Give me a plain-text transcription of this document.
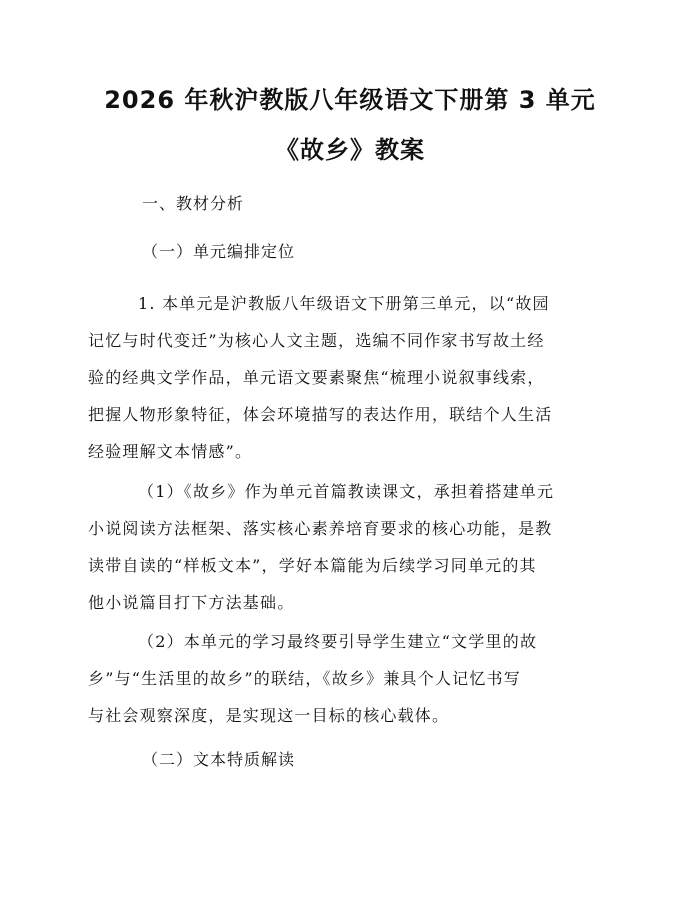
2026 年秋沪教版八年级语文下册第 3 单元
《故乡》教案
一、教材分析
（一）单元编排定位
1. 本单元是沪教版八年级语文下册第三单元，以“故园
记忆与时代变迁”为核心人文主题，选编不同作家书写故土经
验的经典文学作品，单元语文要素聚焦“梳理小说叙事线索，
把握人物形象特征，体会环境描写的表达作用，联结个人生活
经验理解文本情感”。
（1）《故乡》作为单元首篇教读课文，承担着搭建单元
小说阅读方法框架、落实核心素养培育要求的核心功能，是教
读带自读的“样板文本”，学好本篇能为后续学习同单元的其
他小说篇目打下方法基础。
（2）本单元的学习最终要引导学生建立“文学里的故
乡”与“生活里的故乡”的联结，《故乡》兼具个人记忆书写
与社会观察深度，是实现这一目标的核心载体。
（二）文本特质解读
